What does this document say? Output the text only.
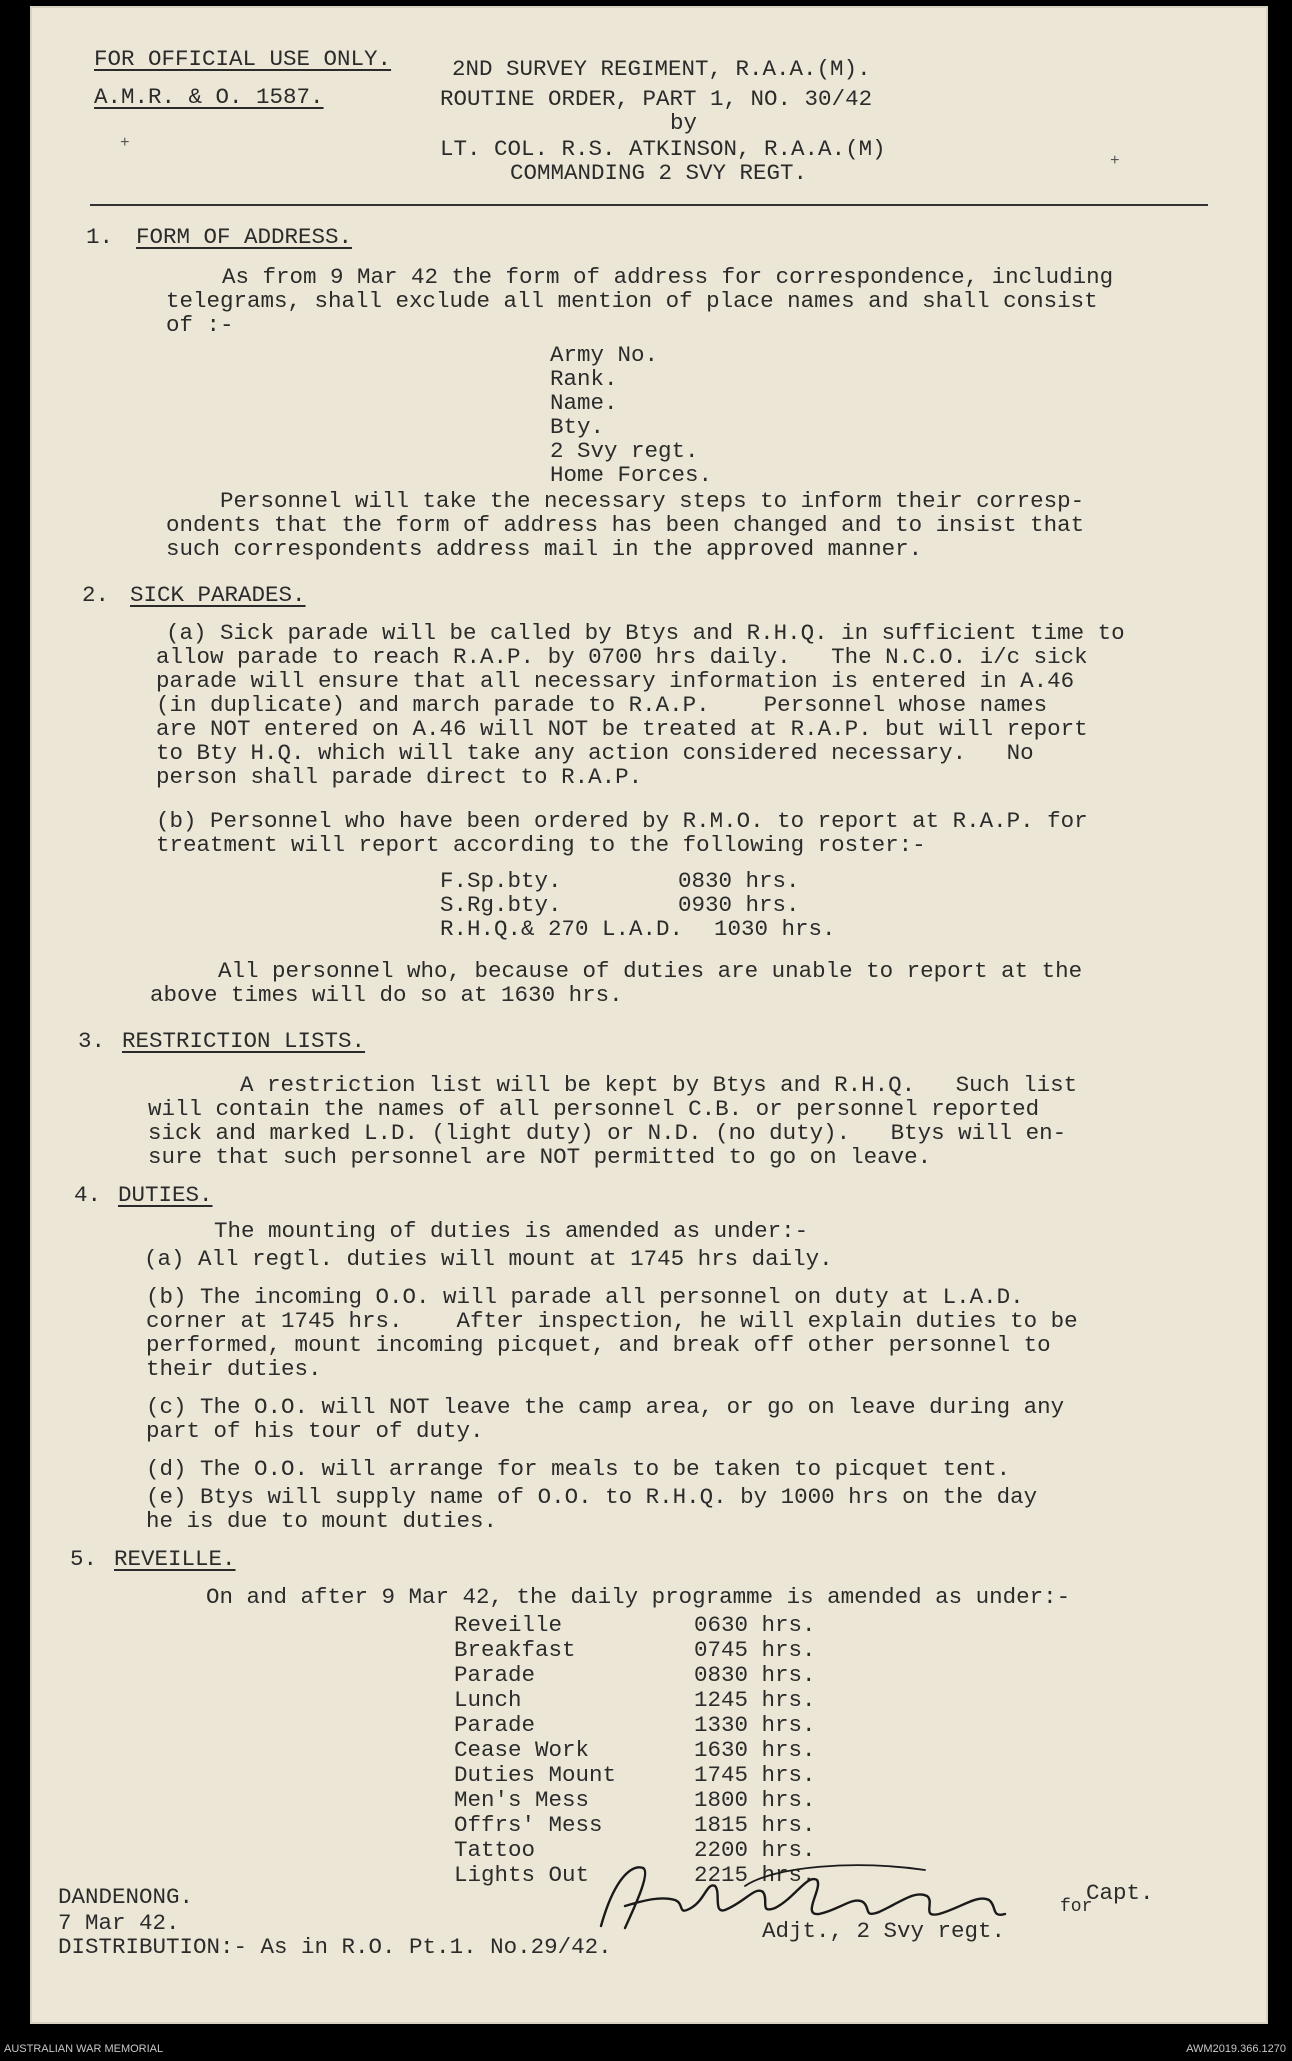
FOR OFFICIAL USE ONLY.
A.M.R. & O. 1587.
2ND SURVEY REGIMENT, R.A.A.(M).
ROUTINE ORDER, PART 1, NO. 30/42
by
LT. COL. R.S. ATKINSON, R.A.A.(M)
COMMANDING 2 SVY REGT.
+
+
1. FORM OF ADDRESS.
As from 9 Mar 42 the form of address for correspondence, including
telegrams, shall exclude all mention of place names and shall consist
of :-
Army No.
Rank.
Name.
Bty.
2 Svy regt.
Home Forces.
Personnel will take the necessary steps to inform their corresp-
ondents that the form of address has been changed and to insist that
such correspondents address mail in the approved manner.
2. SICK PARADES.
(a) Sick parade will be called by Btys and R.H.Q. in sufficient time to
allow parade to reach R.A.P. by 0700 hrs daily.   The N.C.O. i/c sick
parade will ensure that all necessary information is entered in A.46
(in duplicate) and march parade to R.A.P.    Personnel whose names
are NOT entered on A.46 will NOT be treated at R.A.P. but will report
to Bty H.Q. which will take any action considered necessary.   No
person shall parade direct to R.A.P.
(b) Personnel who have been ordered by R.M.O. to report at R.A.P. for
treatment will report according to the following roster:-
F.Sp.bty.	0830 hrs.
S.Rg.bty.	0930 hrs.
R.H.Q.& 270 L.A.D. 1030 hrs.
All personnel who, because of duties are unable to report at the
above times will do so at 1630 hrs.
3. RESTRICTION LISTS.
A restriction list will be kept by Btys and R.H.Q.   Such list
will contain the names of all personnel C.B. or personnel reported
sick and marked L.D. (light duty) or N.D. (no duty).   Btys will en-
sure that such personnel are NOT permitted to go on leave.
4. DUTIES.
The mounting of duties is amended as under:-
(a) All regtl. duties will mount at 1745 hrs daily.
(b) The incoming O.O. will parade all personnel on duty at L.A.D.
corner at 1745 hrs.    After inspection, he will explain duties to be
performed, mount incoming picquet, and break off other personnel to
their duties.
(c) The O.O. will NOT leave the camp area, or go on leave during any
part of his tour of duty.
(d) The O.O. will arrange for meals to be taken to picquet tent.
(e) Btys will supply name of O.O. to R.H.Q. by 1000 hrs on the day
he is due to mount duties.
5. REVEILLE.
On and after 9 Mar 42, the daily programme is amended as under:-
Reveille	0630 hrs.
Breakfast	0745 hrs.
Parade	0830 hrs.
Lunch	1245 hrs.
Parade	1330 hrs.
Cease Work	1630 hrs.
Duties Mount	1745 hrs.
Men's Mess	1800 hrs.
Offrs' Mess	1815 hrs.
Tattoo	2200 hrs.
Lights Out	2215 hrs.
DANDENONG.
7 Mar 42.
DISTRIBUTION:- As in R.O. Pt.1. No.29/42.
for
Capt.
Adjt., 2 Svy regt.
AUSTRALIAN WAR MEMORIAL	AWM2019.366.1270
